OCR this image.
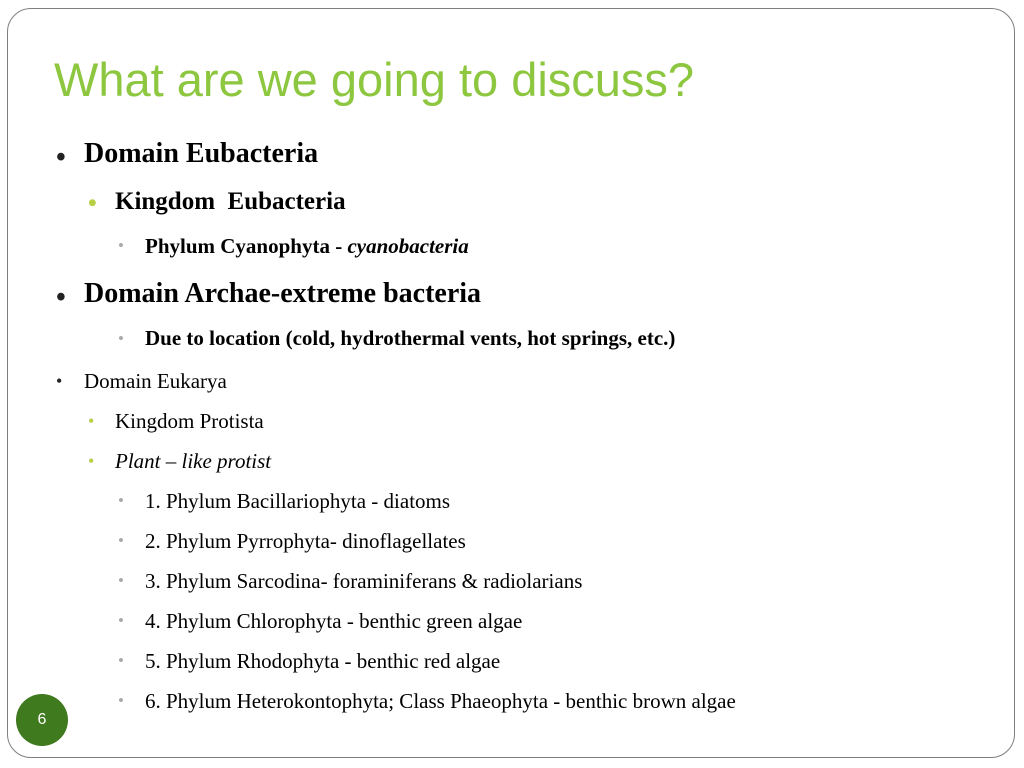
What are we going to discuss?
• Domain Eubacteria
• Kingdom  Eubacteria
• Phylum Cyanophyta - cyanobacteria
• Domain Archae-extreme bacteria
• Due to location (cold, hydrothermal vents, hot springs, etc.)
• Domain Eukarya
• Kingdom Protista
• Plant – like protist
• 1. Phylum Bacillariophyta - diatoms
• 2. Phylum Pyrrophyta- dinoflagellates
• 3. Phylum Sarcodina- foraminiferans & radiolarians
• 4. Phylum Chlorophyta - benthic green algae
• 5. Phylum Rhodophyta - benthic red algae
• 6. Phylum Heterokontophyta; Class Phaeophyta - benthic brown algae
6
